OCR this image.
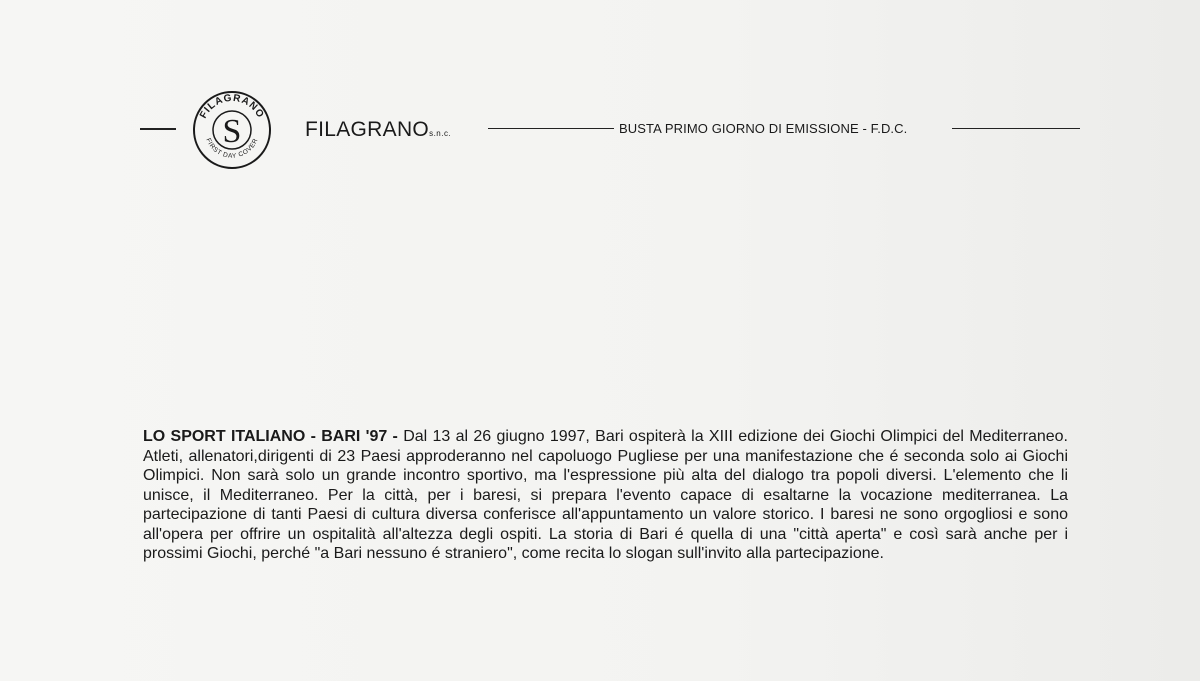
S
FILAGRANO
FIRST DAY COVER
FILAGRANOs.n.c.	BUSTA PRIMO GIORNO DI EMISSIONE - F.D.C.
LO SPORT ITALIANO - BARI '97 - Dal 13 al 26 giugno 1997, Bari ospiterà la XIII edizione dei Giochi Olimpici del Mediterraneo. Atleti, allenatori,dirigenti di 23 Paesi approderanno nel capoluogo Pugliese per una manifestazione che é seconda solo ai Giochi Olimpici. Non sarà solo un grande incontro sportivo, ma l'espressione più alta del dialogo tra popoli diversi. L'elemento che li unisce, il Mediterraneo. Per la città, per i baresi, si prepara l'evento capace di esaltarne la vocazione mediterranea. La partecipazione di tanti Paesi di cultura diversa conferisce all'appuntamento un valore storico. I baresi ne sono orgogliosi e sono all'opera per offrire un ospitalità all'altezza degli ospiti. La storia di Bari é quella di una "città aperta" e così sarà anche per i prossimi Giochi, perché "a Bari nessuno é straniero", come recita lo slogan sull'invito alla partecipazione.
